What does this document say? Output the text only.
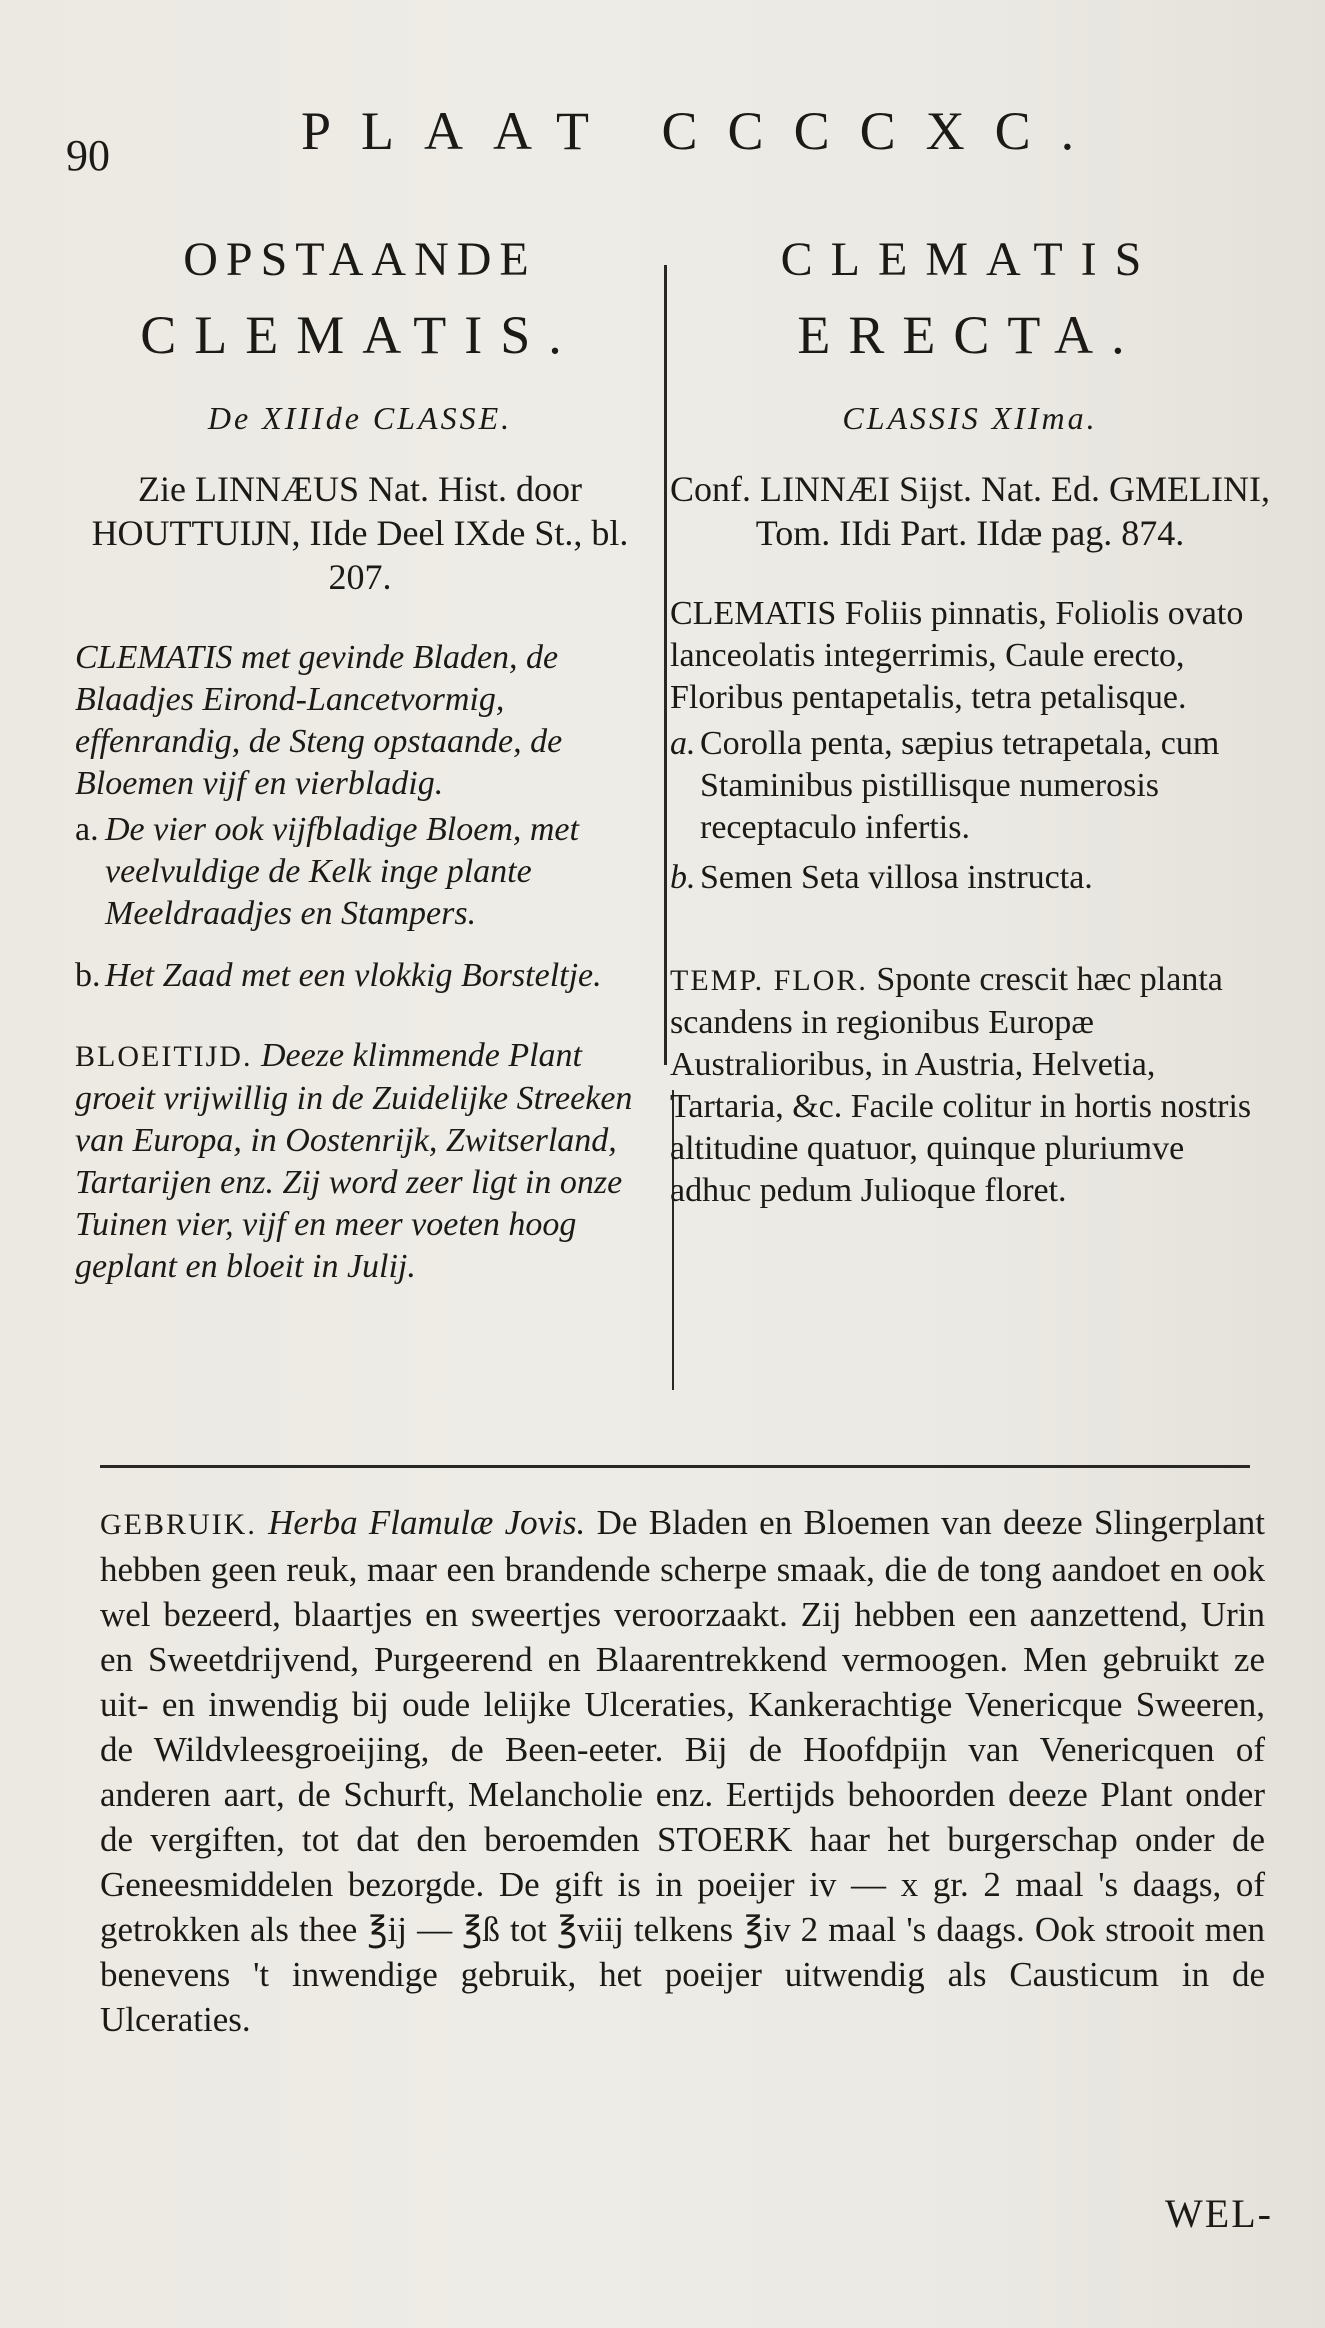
90	PLAAT CCCCXC.
OPSTAANDE
CLEMATIS.
De XIIIde CLASSE.
Zie LINNÆUS Nat. Hist. door HOUTTUIJN, IIde Deel IXde St., bl. 207.
CLEMATIS met gevinde Bladen, de Blaadjes Eirond-Lancetvormig, effenrandig, de Steng opstaande, de Bloemen vijf en vierbladig.
a. De vier ook vijfbladige Bloem, met veelvuldige de Kelk inge plante Meeldraadjes en Stampers.
b. Het Zaad met een vlokkig Borsteltje.
BLOEITIJD. Deeze klimmende Plant groeit vrijwillig in de Zuidelijke Streeken van Europa, in Oostenrijk, Zwitserland, Tartarijen enz. Zij word zeer ligt in onze Tuinen vier, vijf en meer voeten hoog geplant en bloeit in Julij.
CLEMATIS
ERECTA.
CLASSIS XIIma.
Conf. LINNÆI Sijst. Nat. Ed. GMELINI, Tom. IIdi Part. IIdæ pag. 874.
CLEMATIS Foliis pinnatis, Foliolis ovato lanceolatis integerrimis, Caule erecto, Floribus pentapetalis, tetra petalisque.
a. Corolla penta, sæpius tetrapetala, cum Staminibus pistillisque numerosis receptaculo infertis.
b. Semen Seta villosa instructa.
TEMP. FLOR. Sponte crescit hæc planta scandens in regionibus Europæ Australioribus, in Austria, Helvetia, Tartaria, &c. Facile colitur in hortis nostris altitudine quatuor, quinque pluriumve adhuc pedum Julioque floret.
GEBRUIK. Herba Flamulæ Jovis. De Bladen en Bloemen van deeze Slingerplant hebben geen reuk, maar een brandende scherpe smaak, die de tong aandoet en ook wel bezeerd, blaartjes en sweertjes veroorzaakt. Zij hebben een aanzettend, Urin en Sweetdrijvend, Purgeerend en Blaarentrekkend vermoogen. Men gebruikt ze uit- en inwendig bij oude lelijke Ulceraties, Kankerachtige Venericque Sweeren, de Wildvleesgroeijing, de Been-eeter. Bij de Hoofdpijn van Venericquen of anderen aart, de Schurft, Melancholie enz. Eertijds behoorden deeze Plant onder de vergiften, tot dat den beroemden STOERK haar het burgerschap onder de Geneesmiddelen bezorgde. De gift is in poeijer iv — x gr. 2 maal 's daags, of getrokken als thee ℥ij — ℥ß tot ℥viij telkens ℥iv 2 maal 's daags. Ook strooit men benevens 't inwendige gebruik, het poeijer uitwendig als Causticum in de Ulceraties.
WEL-
